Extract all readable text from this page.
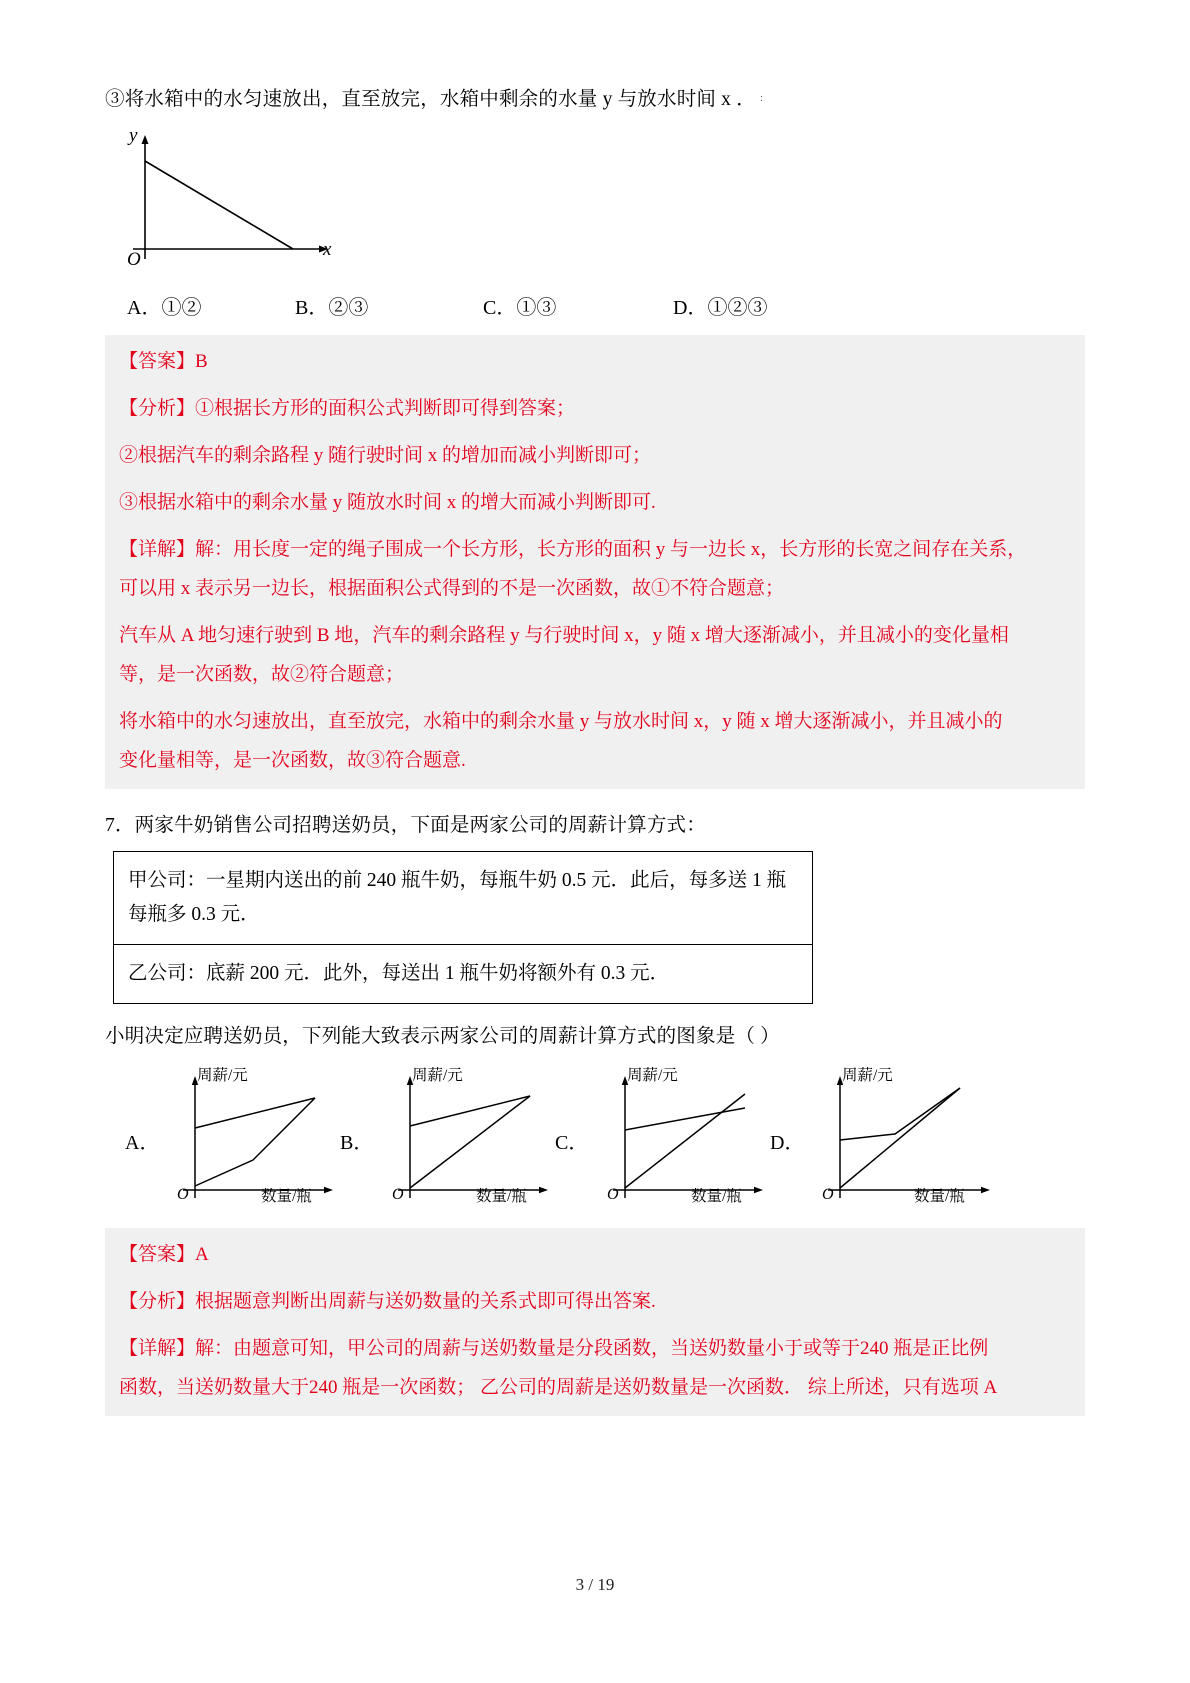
:

③将水箱中的水匀速放出，直至放完，水箱中剩余的水量 y 与放水时间 x ．

y
x
O
A．①②	B．②③	C．①③	D．①②③

【答案】B

【分析】①根据长方形的面积公式判断即可得到答案；

②根据汽车的剩余路程 y 随行驶时间 x 的增加而减小判断即可；

③根据水箱中的剩余水量 y 随放水时间 x 的增大而减小判断即可.

【详解】解：用长度一定的绳子围成一个长方形，长方形的面积 y 与一边长 x，长方形的长宽之间存在关系，

可以用 x 表示另一边长，根据面积公式得到的不是一次函数，故①不符合题意；

汽车从 A 地匀速行驶到 B 地，汽车的剩余路程 y 与行驶时间 x，y 随 x 增大逐渐减小，并且减小的变化量相

等，是一次函数，故②符合题意；

将水箱中的水匀速放出，直至放完，水箱中的剩余水量 y 与放水时间 x，y 随 x 增大逐渐减小，并且减小的

变化量相等，是一次函数，故③符合题意.

7．两家牛奶销售公司招聘送奶员，下面是两家公司的周薪计算方式：

甲公司：一星期内送出的前 240 瓶牛奶，每瓶牛奶 0.5 元．此后，每多送 1 瓶每瓶多 0.3 元．
乙公司：底薪 200 元．此外，每送出 1 瓶牛奶将额外有 0.3 元．

小明决定应聘送奶员，下列能大致表示两家公司的周薪计算方式的图象是（ ）

A．
周薪/元
数量/瓶
O
B．
周薪/元
数量/瓶
O
C．
周薪/元
数量/瓶
O
D．
周薪/元
数量/瓶
O

【答案】A

【分析】根据题意判断出周薪与送奶数量的关系式即可得出答案.

【详解】解：由题意可知，甲公司的周薪与送奶数量是分段函数，当送奶数量小于或等于240 瓶是正比例

函数，当送奶数量大于240 瓶是一次函数； 乙公司的周薪是送奶数量是一次函数． 综上所述，只有选项 A

3 / 19
